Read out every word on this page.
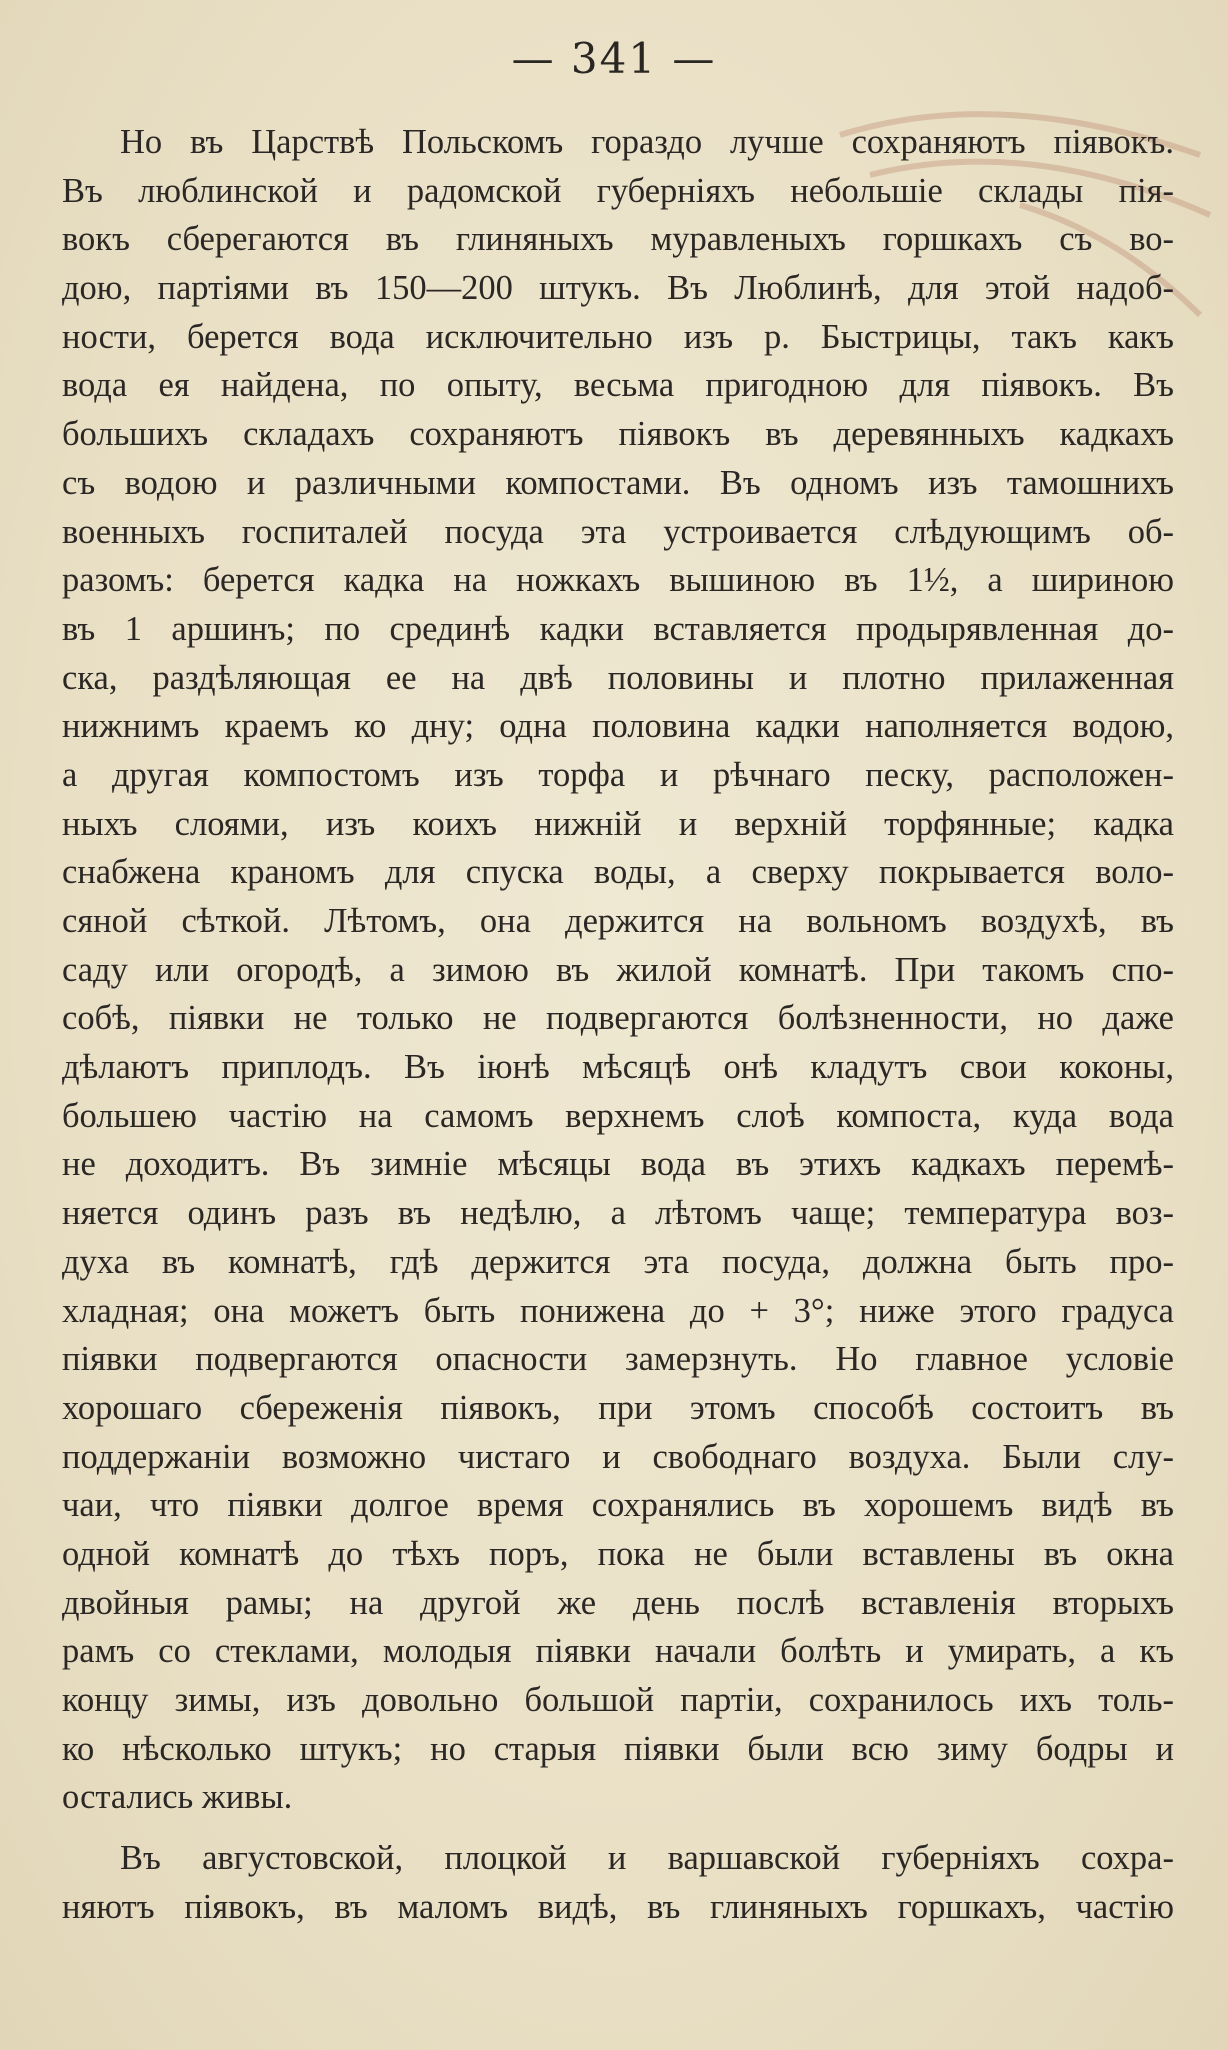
— 341 —
Но въ Царствѣ Польскомъ гораздо лучше сохраняютъ пiявокъ.
Въ люблинской и радомской губернiяхъ небольшiе склады пiя-
вокъ сберегаются въ глиняныхъ муравленыхъ горшкахъ съ во-
дою, партiями въ 150—200 штукъ. Въ Люблинѣ, для этой надоб-
ности, берется вода исключительно изъ р. Быстрицы, такъ какъ
вода ея найдена, по опыту, весьма пригодною для пiявокъ. Въ
большихъ складахъ сохраняютъ пiявокъ въ деревянныхъ кадкахъ
съ водою и различными компостами. Въ одномъ изъ тамошнихъ
военныхъ госпиталей посуда эта устроивается слѣдующимъ об-
разомъ: берется кадка на ножкахъ вышиною въ 1½, а шириною
въ 1 аршинъ; по срединѣ кадки вставляется продырявленная до-
ска, раздѣляющая ее на двѣ половины и плотно прилаженная
нижнимъ краемъ ко дну; одна половина кадки наполняется водою,
а другая компостомъ изъ торфа и рѣчнаго песку, расположен-
ныхъ слоями, изъ коихъ нижнiй и верхнiй торфянные; кадка
снабжена краномъ для спуска воды, а сверху покрывается воло-
сяной сѣткой. Лѣтомъ, она держится на вольномъ воздухѣ, въ
саду или огородѣ, а зимою въ жилой комнатѣ. При такомъ спо-
собѣ, пiявки не только не подвергаются болѣзненности, но даже
дѣлаютъ приплодъ. Въ iюнѣ мѣсяцѣ онѣ кладутъ свои коконы,
большею частiю на самомъ верхнемъ слоѣ компоста, куда вода
не доходитъ. Въ зимнiе мѣсяцы вода въ этихъ кадкахъ перемѣ-
няется одинъ разъ въ недѣлю, а лѣтомъ чаще; температура воз-
духа въ комнатѣ, гдѣ держится эта посуда, должна быть про-
хладная; она можетъ быть понижена до + 3°; ниже этого градуса
пiявки подвергаются опасности замерзнуть. Но главное условiе
хорошаго сбереженiя пiявокъ, при этомъ способѣ состоитъ въ
поддержанiи возможно чистаго и свободнаго воздуха. Были слу-
чаи, что пiявки долгое время сохранялись въ хорошемъ видѣ въ
одной комнатѣ до тѣхъ поръ, пока не были вставлены въ окна
двойныя рамы; на другой же день послѣ вставленiя вторыхъ
рамъ со стеклами, молодыя пiявки начали болѣть и умирать, а къ
концу зимы, изъ довольно большой партiи, сохранилось ихъ толь-
ко нѣсколько штукъ; но старыя пiявки были всю зиму бодры и
остались живы.
Въ августовской, плоцкой и варшавской губернiяхъ сохра-
няютъ пiявокъ, въ маломъ видѣ, въ глиняныхъ горшкахъ, частiю
